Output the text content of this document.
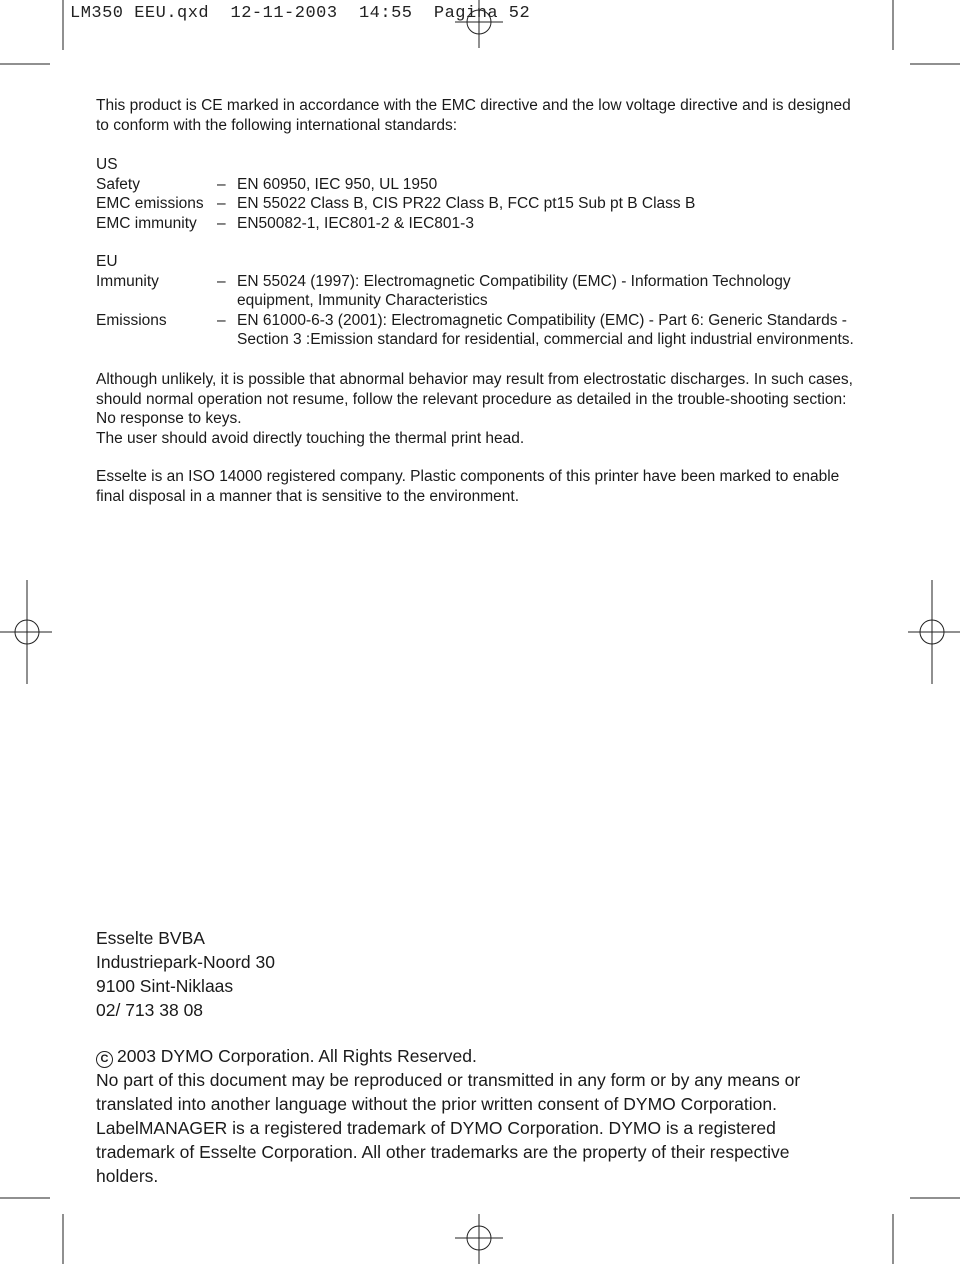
LM350 EEU.qxd 12-11-2003 14:55 Pagina 52
This product is CE marked in accordance with the EMC directive and the low voltage directive and is designed to conform with the following international standards:
US
Safety	– EN 60950, IEC 950, UL 1950
EMC emissions – EN 55022 Class B, CIS PR22 Class B, FCC pt15 Sub pt B Class B
EMC immunity	– EN50082-1, IEC801-2 & IEC801-3
EU
Immunity	– EN 55024 (1997): Electromagnetic Compatibility (EMC) - Information Technology equipment, Immunity Characteristics
Emissions	– EN 61000-6-3 (2001): Electromagnetic Compatibility (EMC) - Part 6: Generic Standards - Section 3 :Emission standard for residential, commercial and light industrial environments.
Although unlikely, it is possible that abnormal behavior may result from electrostatic discharges. In such cases, should normal operation not resume, follow the relevant procedure as detailed in the trouble-shooting section: No response to keys.
The user should avoid directly touching the thermal print head.
Esselte is an ISO 14000 registered company. Plastic components of this printer have been marked to enable final disposal in a manner that is sensitive to the environment.
Esselte BVBA
Industriepark-Noord 30
9100 Sint-Niklaas
02/ 713 38 08
C 2003 DYMO Corporation. All Rights Reserved.
No part of this document may be reproduced or transmitted in any form or by any means or translated into another language without the prior written consent of DYMO Corporation.
LabelMANAGER is a registered trademark of DYMO Corporation. DYMO is a registered trademark of Esselte Corporation. All other trademarks are the property of their respective holders.
